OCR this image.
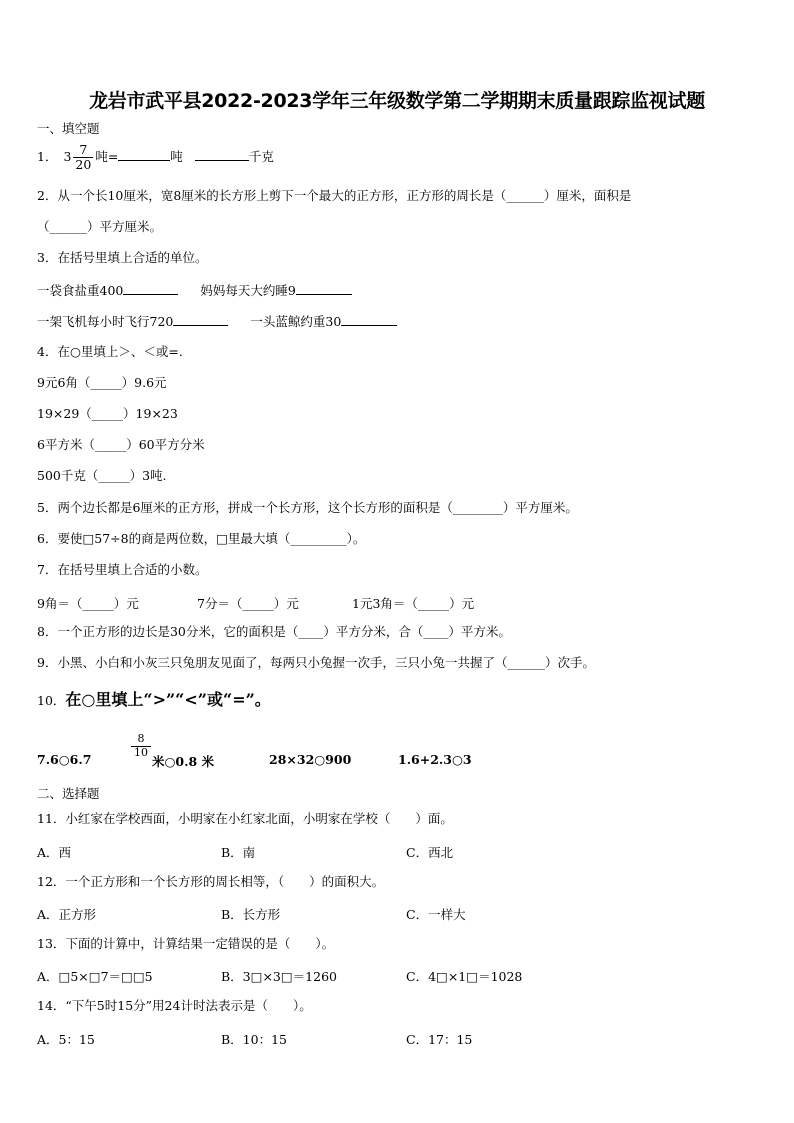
龙岩市武平县2022-2023学年三年级数学第二学期期末质量跟踪监视试题
一、填空题
1． $3 \frac{7}{20}$ 吨=	吨	千克
2．从一个长10厘米，宽8厘米的长方形上剪下一个最大的正方形，正方形的周长是（______）厘米，面积是
（______）平方厘米。
3．在括号里填上合适的单位。
一袋食盐重400	妈妈每天大约睡9
一架飞机每小时飞行720	一头蓝鲸约重30
4．在○里填上＞、＜或=.
9元6角（_____）9.6元
19×29（_____）19×23
6平方米（_____）60平方分米
500千克（_____）3吨.
5．两个边长都是6厘米的正方形，拼成一个长方形，这个长方形的面积是（________）平方厘米。
6．要使□57÷8的商是两位数，□里最大填（_________）。
7．在括号里填上合适的小数。
9角＝（_____）元	7分＝（_____）元	1元3角＝（_____）元
8．一个正方形的边长是30分米，它的面积是（____）平方分米，合（____）平方米。
9．小黑、小白和小灰三只兔朋友见面了，每两只小兔握一次手，三只小兔一共握了（______）次手。
10．在○里填上“>”“<”或“=”。
7.6○6.7
$\frac{8}{10}$
米○0.8 米	28×32○900	1.6+2.3○3
二、选择题
11．小红家在学校西面，小明家在小红家北面，小明家在学校（　　）面。
A．西	B．南	C．西北
12．一个正方形和一个长方形的周长相等，（　　）的面积大。
A．正方形	B．长方形	C．一样大
13．下面的计算中，计算结果一定错误的是（　　）。
A．□5×□7＝□□5	B．3□×3□＝1260	C．4□×1□＝1028
14．“下午5时15分”用24计时法表示是（　　）。
A．5：15	B．10：15	C．17：15
